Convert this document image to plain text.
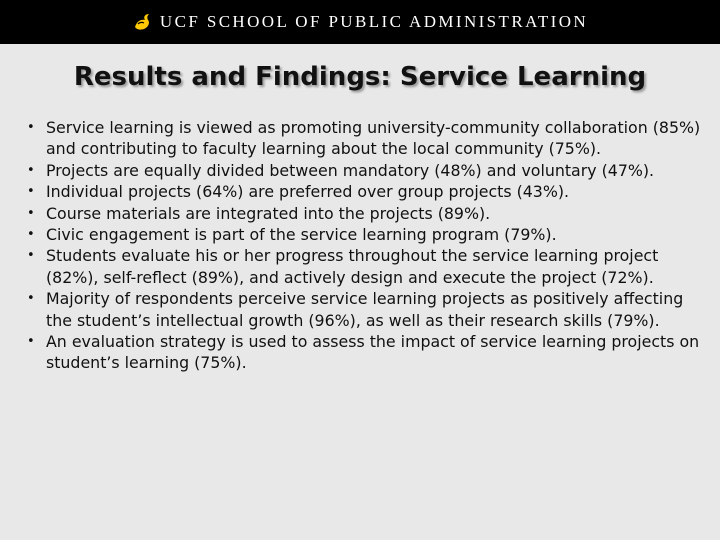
UCF SCHOOL OF PUBLIC ADMINISTRATION
Results and Findings: Service Learning
• Service learning is viewed as promoting university-community collaboration (85%) and contributing to faculty learning about the local community (75%).
• Projects are equally divided between mandatory (48%) and voluntary (47%).
• Individual projects (64%) are preferred over group projects (43%).
• Course materials are integrated into the projects (89%).
• Civic engagement is part of the service learning program (79%).
• Students evaluate his or her progress throughout the service learning project (82%), self-reflect (89%), and actively design and execute the project (72%).
• Majority of respondents perceive service learning projects as positively affecting the student’s intellectual growth (96%), as well as their research skills (79%).
• An evaluation strategy is used to assess the impact of service learning projects on student’s learning (75%).
